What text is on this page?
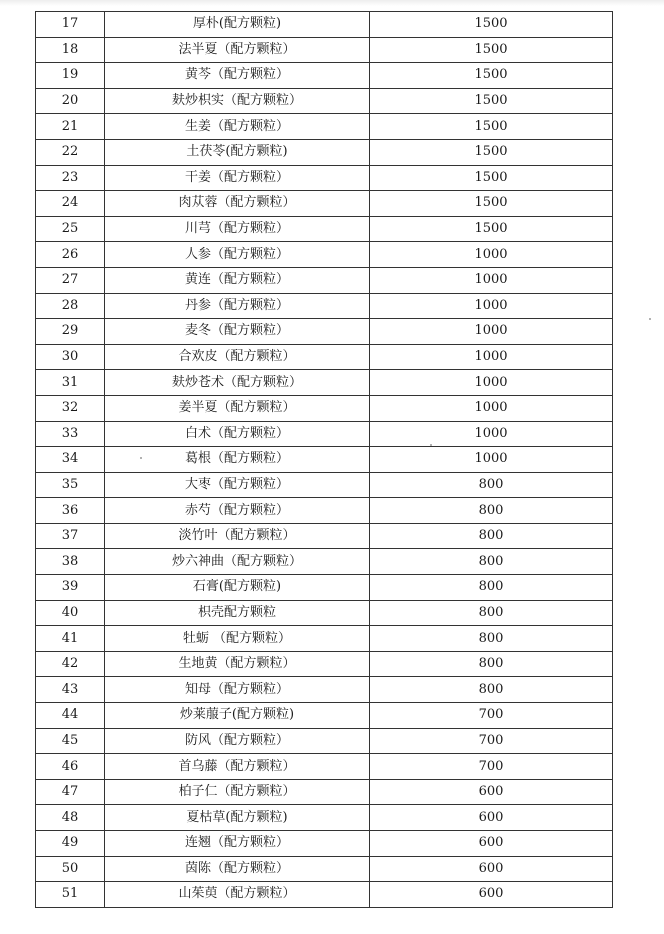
17	厚朴(配方颗粒)	1500
18	法半夏（配方颗粒）	1500
19	黄芩（配方颗粒）	1500
20	麸炒枳实（配方颗粒）	1500
21	生姜（配方颗粒）	1500
22	土茯苓(配方颗粒)	1500
23	干姜（配方颗粒）	1500
24	肉苁蓉（配方颗粒）	1500
25	川芎（配方颗粒）	1500
26	人参（配方颗粒）	1000
27	黄连（配方颗粒）	1000
28	丹参（配方颗粒）	1000
29	麦冬（配方颗粒）	1000
30	合欢皮（配方颗粒）	1000
31	麸炒苍术（配方颗粒）	1000
32	姜半夏（配方颗粒）	1000
33	白术（配方颗粒）	1000
34	葛根（配方颗粒）	1000
35	大枣（配方颗粒）	800
36	赤芍（配方颗粒）	800
37	淡竹叶（配方颗粒）	800
38	炒六神曲（配方颗粒）	800
39	石膏(配方颗粒)	800
40	枳壳配方颗粒	800
41	牡蛎 （配方颗粒）	800
42	生地黄（配方颗粒）	800
43	知母（配方颗粒）	800
44	炒莱菔子(配方颗粒)	700
45	防风（配方颗粒）	700
46	首乌藤（配方颗粒）	700
47	柏子仁（配方颗粒）	600
48	夏枯草(配方颗粒)	600
49	连翘（配方颗粒）	600
50	茵陈（配方颗粒）	600
51	山茱萸（配方颗粒）	600
